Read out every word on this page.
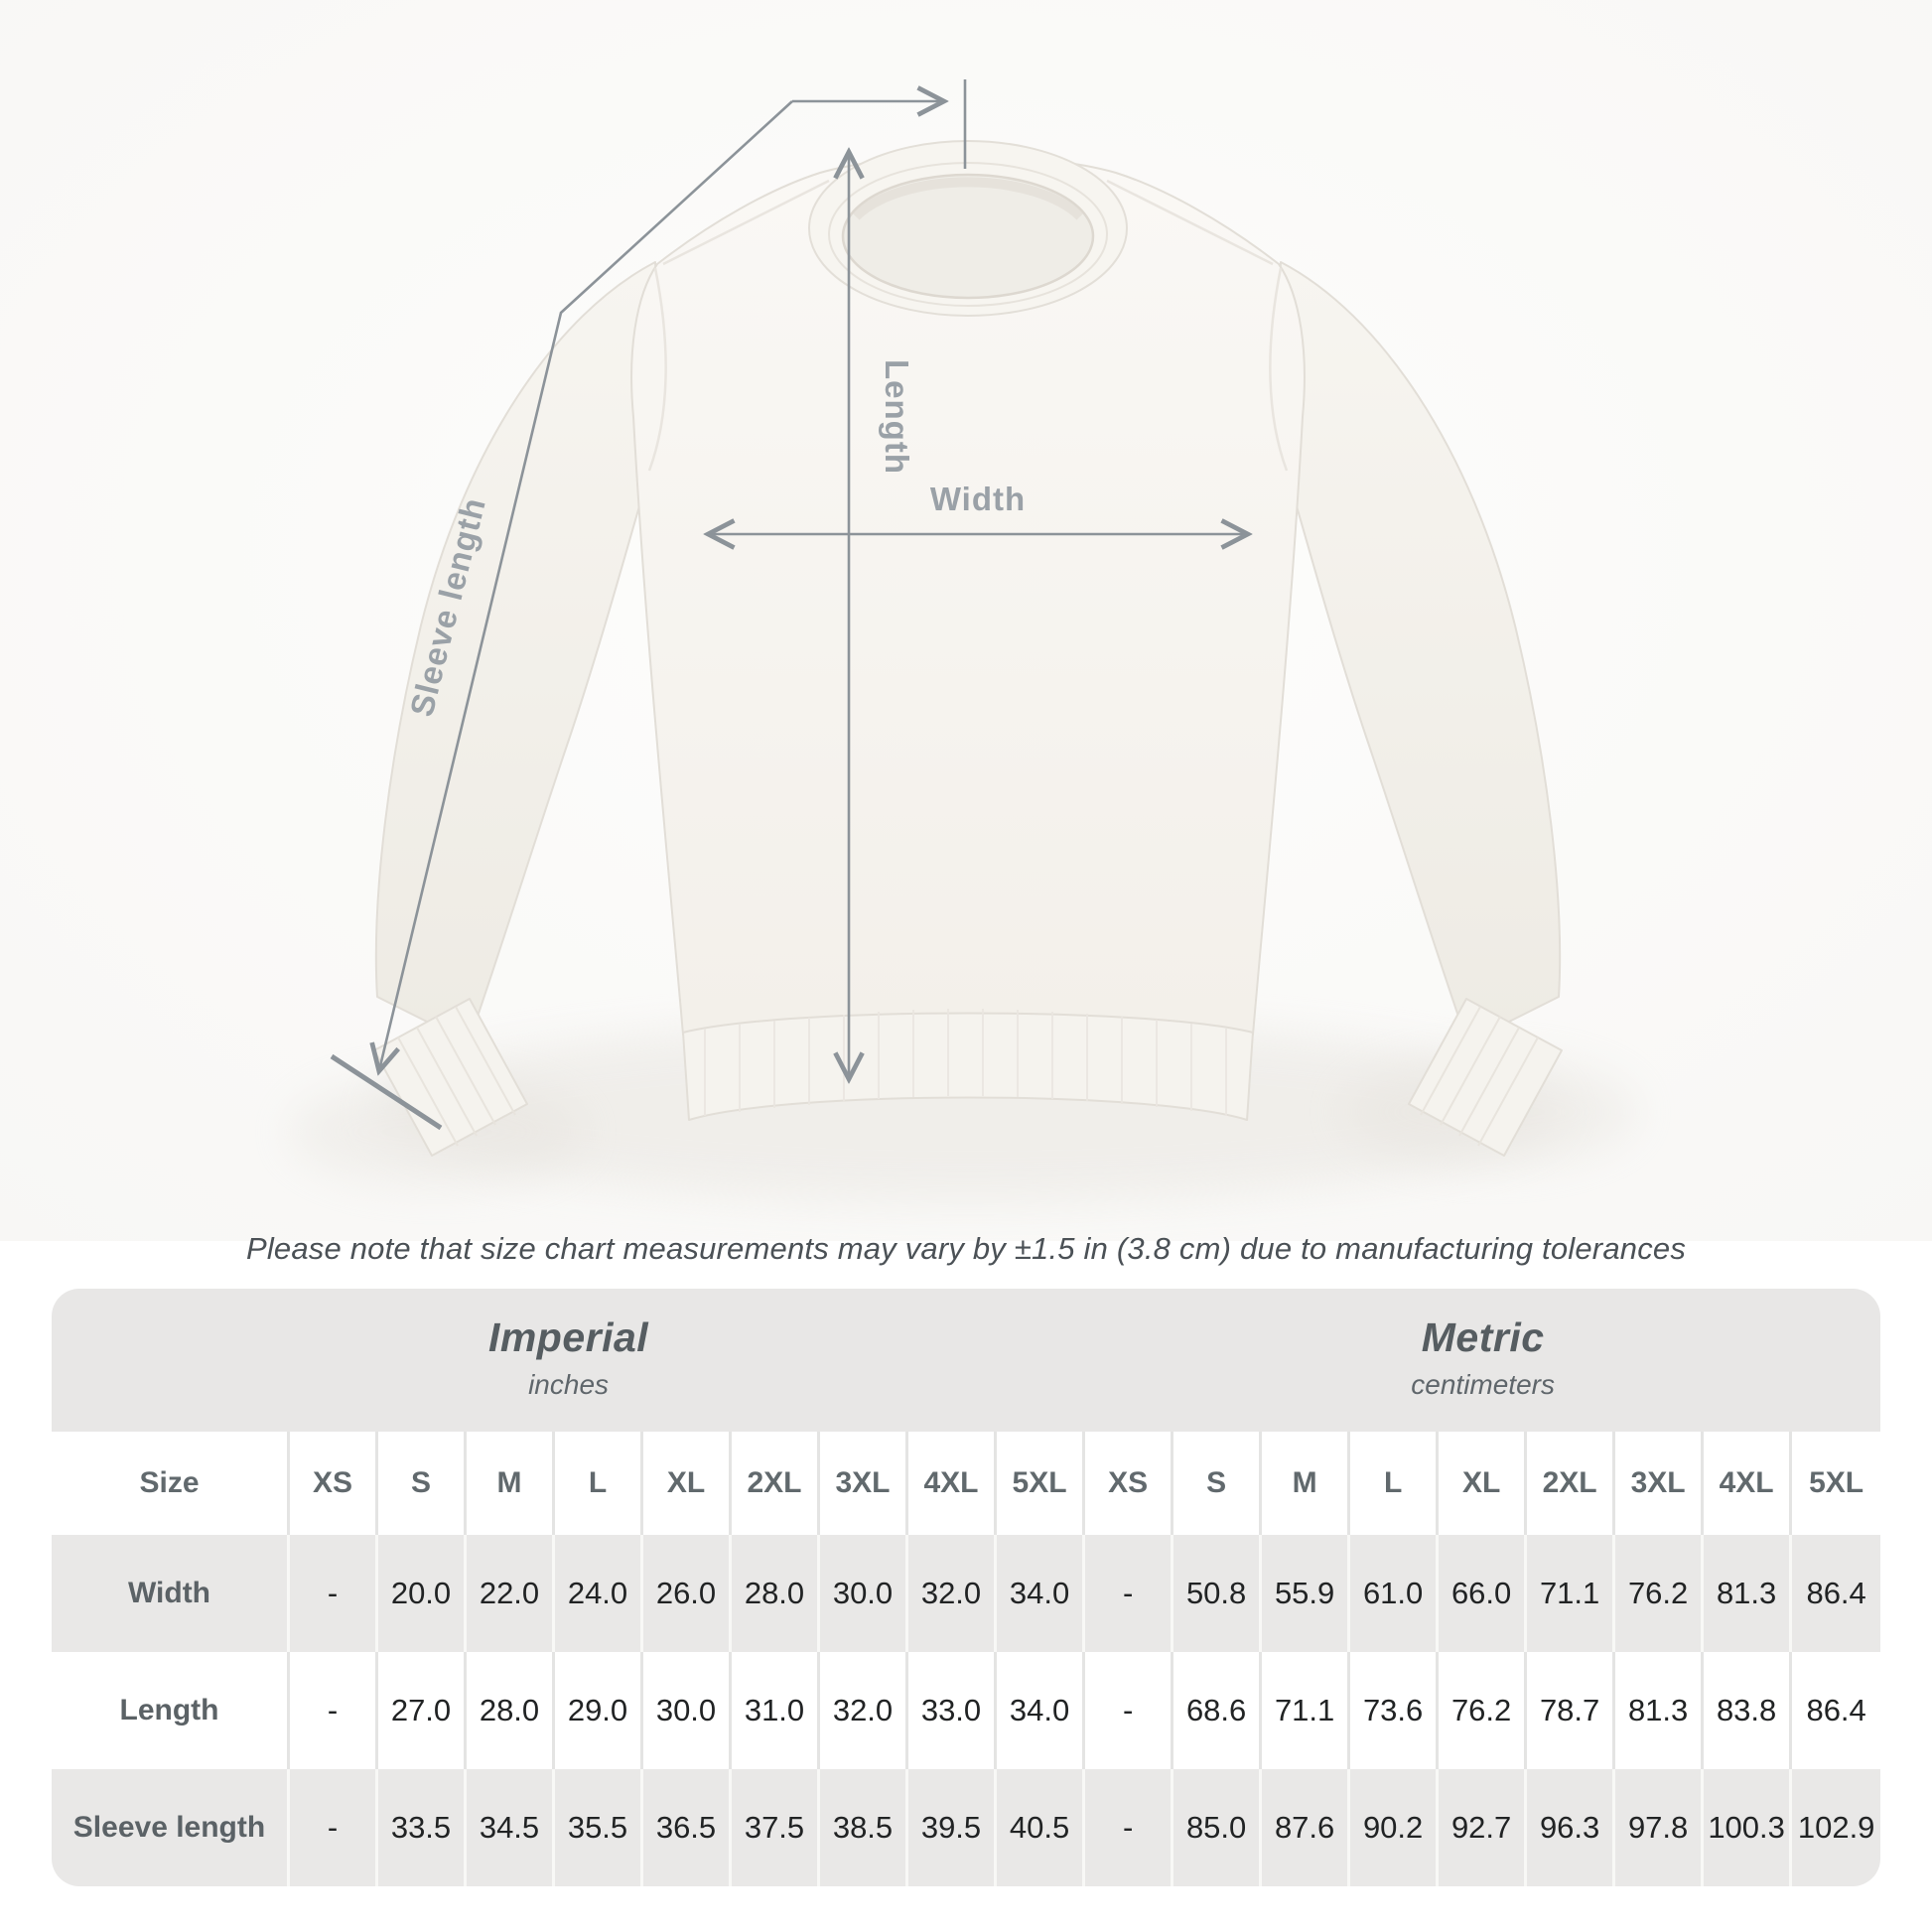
Width
Length
Sleeve length
Please note that size chart measurements may vary by ±1.5 in (3.8 cm) due to manufacturing tolerances
Imperial
inches

Metric
centimeters

Size	XS	S	M	L	XL	2XL	3XL	4XL	5XL	XS	S	M	L	XL	2XL	3XL	4XL	5XL
Width	-	20.0	22.0	24.0	26.0	28.0	30.0	32.0	34.0	-	50.8	55.9	61.0	66.0	71.1	76.2	81.3	86.4
Length	-	27.0	28.0	29.0	30.0	31.0	32.0	33.0	34.0	-	68.6	71.1	73.6	76.2	78.7	81.3	83.8	86.4
Sleeve length	-	33.5	34.5	35.5	36.5	37.5	38.5	39.5	40.5	-	85.0	87.6	90.2	92.7	96.3	97.8	100.3	102.9
